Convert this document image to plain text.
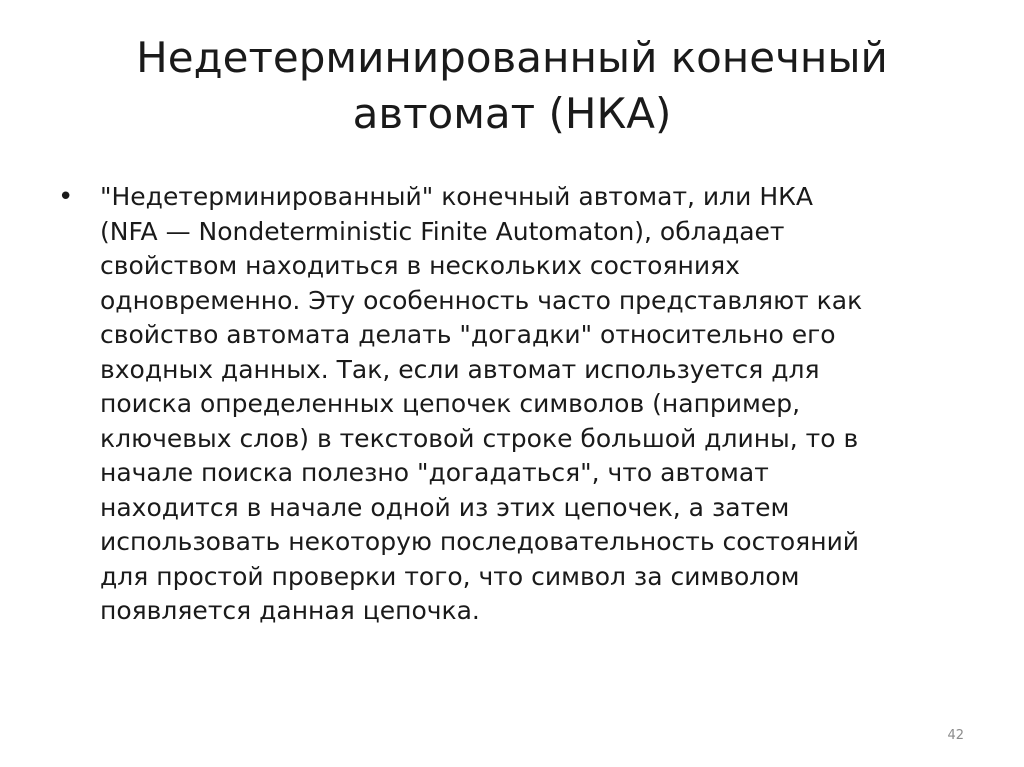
Недетерминированный конечный
автомат (НКА)
•	"Недетерминированный" конечный автомат, или НКА
(NFA — Nondeterministic Finite Automaton), обладает
свойством находиться в нескольких состояниях
одновременно. Эту особенность часто представляют как
свойство автомата делать "догадки" относительно его
входных данных. Так, если автомат используется для
поиска определенных цепочек символов (например,
ключевых слов) в текстовой строке большой длины, то в
начале поиска полезно "догадаться", что автомат
находится в начале одной из этих цепочек, а затем
использовать некоторую последовательность состояний
для простой проверки того, что символ за символом
появляется данная цепочка.

42
